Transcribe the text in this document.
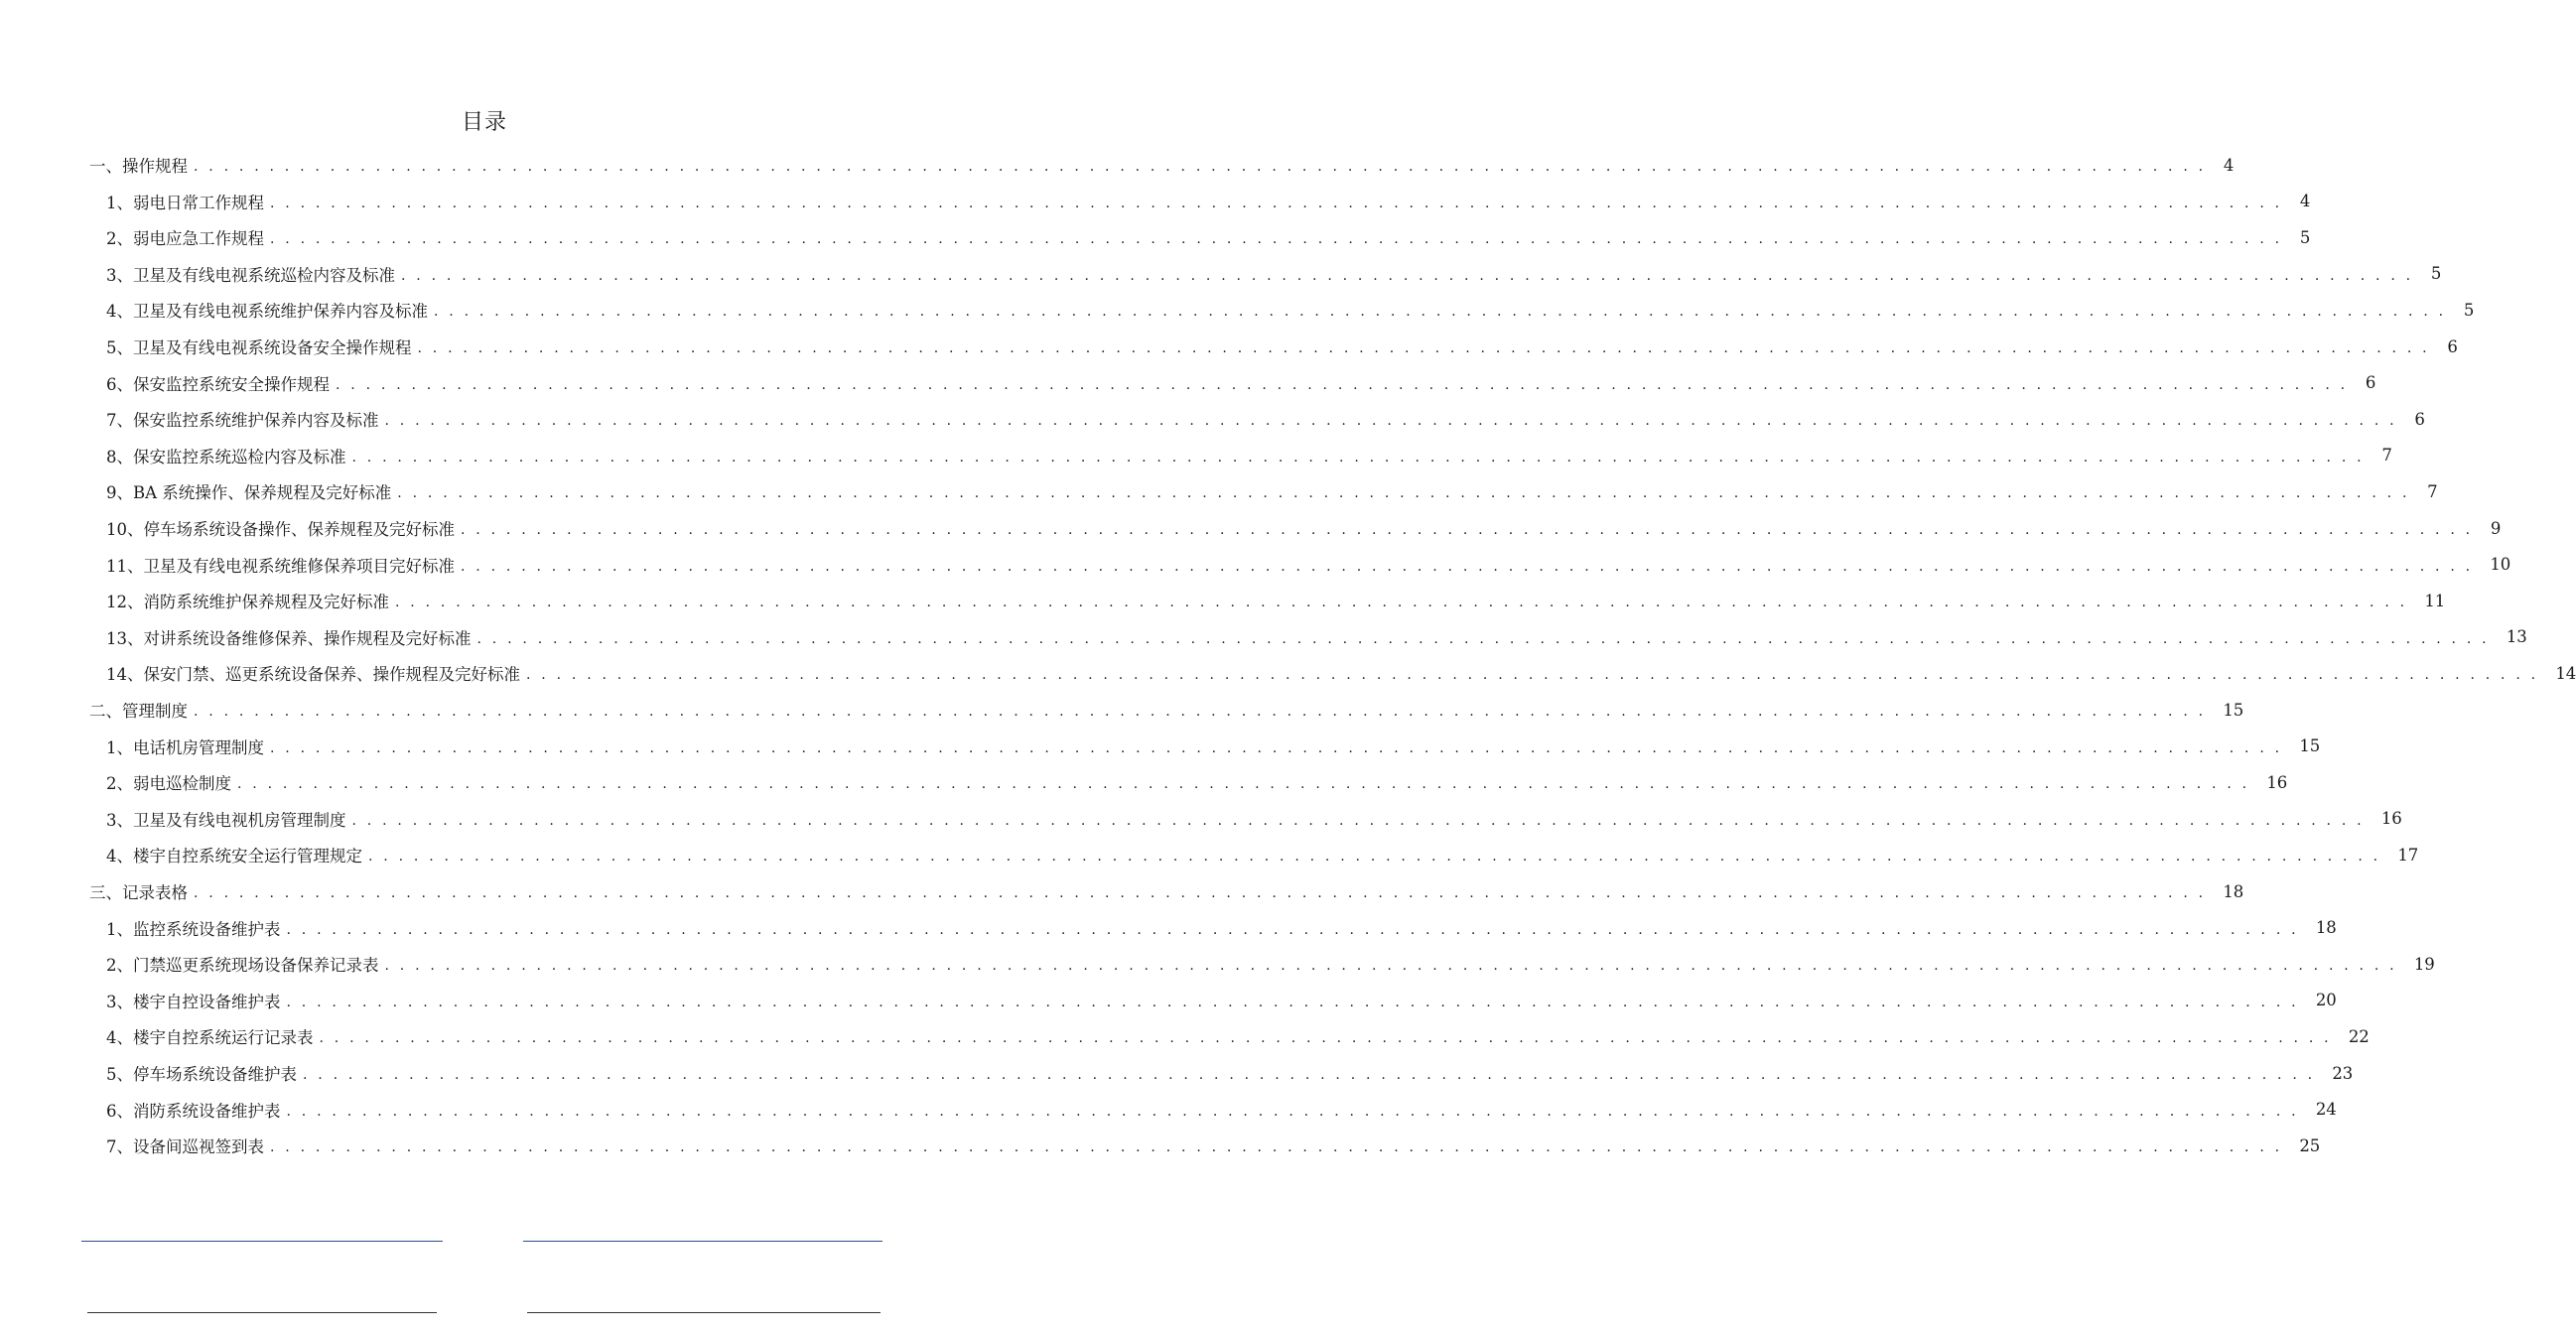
目录
一、操作规程 . . . . . . . . . . . . . . . . . . . . . . . . . . . . . . . . . . . . . . . . . . . . . . . . . . . . . . . . . . . . . . . . . . . . . . . . . . . . . . . . . . . . . . . . . . . . . . . . . . . . . . . . . . . . . . . . . . . . . . . . . . . . . . . . . . . . .	4
1、弱电日常工作规程 . . . . . . . . . . . . . . . . . . . . . . . . . . . . . . . . . . . . . . . . . . . . . . . . . . . . . . . . . . . . . . . . . . . . . . . . . . . . . . . . . . . . . . . . . . . . . . . . . . . . . . . . . . . . . . . . . . . . . . . . . . . . . . . . . . . . .	4
2、弱电应急工作规程 . . . . . . . . . . . . . . . . . . . . . . . . . . . . . . . . . . . . . . . . . . . . . . . . . . . . . . . . . . . . . . . . . . . . . . . . . . . . . . . . . . . . . . . . . . . . . . . . . . . . . . . . . . . . . . . . . . . . . . . . . . . . . . . . . . . . .	5
3、卫星及有线电视系统巡检内容及标准 . . . . . . . . . . . . . . . . . . . . . . . . . . . . . . . . . . . . . . . . . . . . . . . . . . . . . . . . . . . . . . . . . . . . . . . . . . . . . . . . . . . . . . . . . . . . . . . . . . . . . . . . . . . . . . . . . . . . . . . . . . . . . . . . . . . . .	5
4、卫星及有线电视系统维护保养内容及标准 . . . . . . . . . . . . . . . . . . . . . . . . . . . . . . . . . . . . . . . . . . . . . . . . . . . . . . . . . . . . . . . . . . . . . . . . . . . . . . . . . . . . . . . . . . . . . . . . . . . . . . . . . . . . . . . . . . . . . . . . . . . . . . . . . . . . .	5
5、卫星及有线电视系统设备安全操作规程 . . . . . . . . . . . . . . . . . . . . . . . . . . . . . . . . . . . . . . . . . . . . . . . . . . . . . . . . . . . . . . . . . . . . . . . . . . . . . . . . . . . . . . . . . . . . . . . . . . . . . . . . . . . . . . . . . . . . . . . . . . . . . . . . . . . . .	6
6、保安监控系统安全操作规程 . . . . . . . . . . . . . . . . . . . . . . . . . . . . . . . . . . . . . . . . . . . . . . . . . . . . . . . . . . . . . . . . . . . . . . . . . . . . . . . . . . . . . . . . . . . . . . . . . . . . . . . . . . . . . . . . . . . . . . . . . . . . . . . . . . . . .	6
7、保安监控系统维护保养内容及标准 . . . . . . . . . . . . . . . . . . . . . . . . . . . . . . . . . . . . . . . . . . . . . . . . . . . . . . . . . . . . . . . . . . . . . . . . . . . . . . . . . . . . . . . . . . . . . . . . . . . . . . . . . . . . . . . . . . . . . . . . . . . . . . . . . . . . .	6
8、保安监控系统巡检内容及标准 . . . . . . . . . . . . . . . . . . . . . . . . . . . . . . . . . . . . . . . . . . . . . . . . . . . . . . . . . . . . . . . . . . . . . . . . . . . . . . . . . . . . . . . . . . . . . . . . . . . . . . . . . . . . . . . . . . . . . . . . . . . . . . . . . . . . .	7
9、BA 系统操作、保养规程及完好标准 . . . . . . . . . . . . . . . . . . . . . . . . . . . . . . . . . . . . . . . . . . . . . . . . . . . . . . . . . . . . . . . . . . . . . . . . . . . . . . . . . . . . . . . . . . . . . . . . . . . . . . . . . . . . . . . . . . . . . . . . . . . . . . . . . . . . .	7
10、停车场系统设备操作、保养规程及完好标准 . . . . . . . . . . . . . . . . . . . . . . . . . . . . . . . . . . . . . . . . . . . . . . . . . . . . . . . . . . . . . . . . . . . . . . . . . . . . . . . . . . . . . . . . . . . . . . . . . . . . . . . . . . . . . . . . . . . . . . . . . . . . . . . . . . . . .	9
11、卫星及有线电视系统维修保养项目完好标准 . . . . . . . . . . . . . . . . . . . . . . . . . . . . . . . . . . . . . . . . . . . . . . . . . . . . . . . . . . . . . . . . . . . . . . . . . . . . . . . . . . . . . . . . . . . . . . . . . . . . . . . . . . . . . . . . . . . . . . . . . . . . . . . . . . . . .	10
12、消防系统维护保养规程及完好标准 . . . . . . . . . . . . . . . . . . . . . . . . . . . . . . . . . . . . . . . . . . . . . . . . . . . . . . . . . . . . . . . . . . . . . . . . . . . . . . . . . . . . . . . . . . . . . . . . . . . . . . . . . . . . . . . . . . . . . . . . . . . . . . . . . . . . .	11
13、对讲系统设备维修保养、操作规程及完好标准 . . . . . . . . . . . . . . . . . . . . . . . . . . . . . . . . . . . . . . . . . . . . . . . . . . . . . . . . . . . . . . . . . . . . . . . . . . . . . . . . . . . . . . . . . . . . . . . . . . . . . . . . . . . . . . . . . . . . . . . . . . . . . . . . . . . . .	13
14、保安门禁、巡更系统设备保养、操作规程及完好标准 . . . . . . . . . . . . . . . . . . . . . . . . . . . . . . . . . . . . . . . . . . . . . . . . . . . . . . . . . . . . . . . . . . . . . . . . . . . . . . . . . . . . . . . . . . . . . . . . . . . . . . . . . . . . . . . . . . . . . . . . . . . . . . . . . . . . .	14
二、管理制度 . . . . . . . . . . . . . . . . . . . . . . . . . . . . . . . . . . . . . . . . . . . . . . . . . . . . . . . . . . . . . . . . . . . . . . . . . . . . . . . . . . . . . . . . . . . . . . . . . . . . . . . . . . . . . . . . . . . . . . . . . . . . . . . . . . . . .	15
1、电话机房管理制度 . . . . . . . . . . . . . . . . . . . . . . . . . . . . . . . . . . . . . . . . . . . . . . . . . . . . . . . . . . . . . . . . . . . . . . . . . . . . . . . . . . . . . . . . . . . . . . . . . . . . . . . . . . . . . . . . . . . . . . . . . . . . . . . . . . . . .	15
2、弱电巡检制度 . . . . . . . . . . . . . . . . . . . . . . . . . . . . . . . . . . . . . . . . . . . . . . . . . . . . . . . . . . . . . . . . . . . . . . . . . . . . . . . . . . . . . . . . . . . . . . . . . . . . . . . . . . . . . . . . . . . . . . . . . . . . . . . . . . . . .	16
3、卫星及有线电视机房管理制度 . . . . . . . . . . . . . . . . . . . . . . . . . . . . . . . . . . . . . . . . . . . . . . . . . . . . . . . . . . . . . . . . . . . . . . . . . . . . . . . . . . . . . . . . . . . . . . . . . . . . . . . . . . . . . . . . . . . . . . . . . . . . . . . . . . . . .	16
4、楼宇自控系统安全运行管理规定 . . . . . . . . . . . . . . . . . . . . . . . . . . . . . . . . . . . . . . . . . . . . . . . . . . . . . . . . . . . . . . . . . . . . . . . . . . . . . . . . . . . . . . . . . . . . . . . . . . . . . . . . . . . . . . . . . . . . . . . . . . . . . . . . . . . . .	17
三、记录表格 . . . . . . . . . . . . . . . . . . . . . . . . . . . . . . . . . . . . . . . . . . . . . . . . . . . . . . . . . . . . . . . . . . . . . . . . . . . . . . . . . . . . . . . . . . . . . . . . . . . . . . . . . . . . . . . . . . . . . . . . . . . . . . . . . . . . .	18
1、监控系统设备维护表 . . . . . . . . . . . . . . . . . . . . . . . . . . . . . . . . . . . . . . . . . . . . . . . . . . . . . . . . . . . . . . . . . . . . . . . . . . . . . . . . . . . . . . . . . . . . . . . . . . . . . . . . . . . . . . . . . . . . . . . . . . . . . . . . . . . . .	18
2、门禁巡更系统现场设备保养记录表 . . . . . . . . . . . . . . . . . . . . . . . . . . . . . . . . . . . . . . . . . . . . . . . . . . . . . . . . . . . . . . . . . . . . . . . . . . . . . . . . . . . . . . . . . . . . . . . . . . . . . . . . . . . . . . . . . . . . . . . . . . . . . . . . . . . . .	19
3、楼宇自控设备维护表 . . . . . . . . . . . . . . . . . . . . . . . . . . . . . . . . . . . . . . . . . . . . . . . . . . . . . . . . . . . . . . . . . . . . . . . . . . . . . . . . . . . . . . . . . . . . . . . . . . . . . . . . . . . . . . . . . . . . . . . . . . . . . . . . . . . . .	20
4、楼宇自控系统运行记录表 . . . . . . . . . . . . . . . . . . . . . . . . . . . . . . . . . . . . . . . . . . . . . . . . . . . . . . . . . . . . . . . . . . . . . . . . . . . . . . . . . . . . . . . . . . . . . . . . . . . . . . . . . . . . . . . . . . . . . . . . . . . . . . . . . . . . .	22
5、停车场系统设备维护表 . . . . . . . . . . . . . . . . . . . . . . . . . . . . . . . . . . . . . . . . . . . . . . . . . . . . . . . . . . . . . . . . . . . . . . . . . . . . . . . . . . . . . . . . . . . . . . . . . . . . . . . . . . . . . . . . . . . . . . . . . . . . . . . . . . . . .	23
6、消防系统设备维护表 . . . . . . . . . . . . . . . . . . . . . . . . . . . . . . . . . . . . . . . . . . . . . . . . . . . . . . . . . . . . . . . . . . . . . . . . . . . . . . . . . . . . . . . . . . . . . . . . . . . . . . . . . . . . . . . . . . . . . . . . . . . . . . . . . . . . .	24
7、设备间巡视签到表 . . . . . . . . . . . . . . . . . . . . . . . . . . . . . . . . . . . . . . . . . . . . . . . . . . . . . . . . . . . . . . . . . . . . . . . . . . . . . . . . . . . . . . . . . . . . . . . . . . . . . . . . . . . . . . . . . . . . . . . . . . . . . . . . . . . . .	25
